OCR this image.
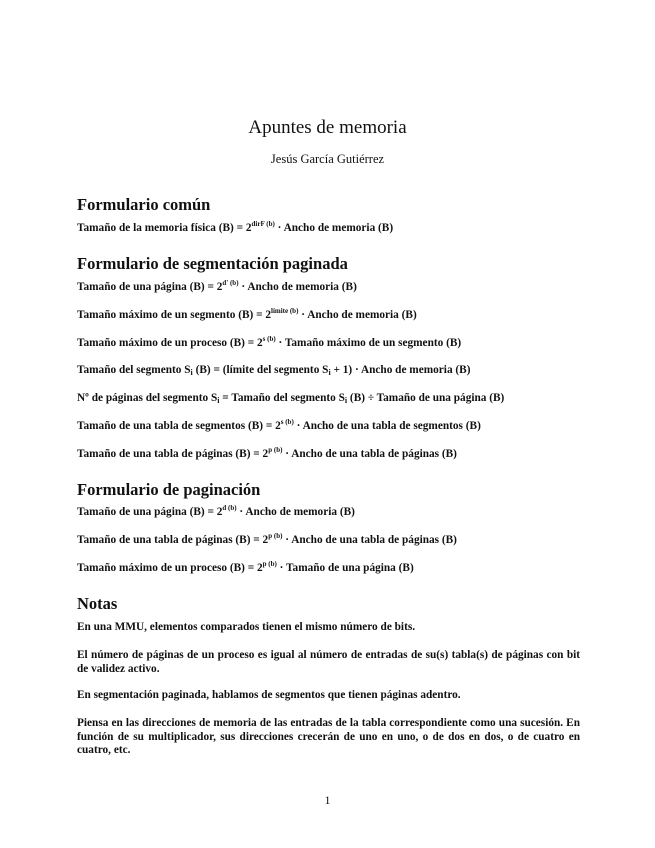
Apuntes de memoria
Jesús García Gutiérrez
Formulario común
Tamaño de la memoria física $(B) = 2^{dirF (b)}$ · Ancho de memoria (B)
Formulario de segmentación paginada
Tamaño de una página $(B) = 2^{d' (b)}$ · Ancho de memoria (B)
Tamaño máximo de un segmento $(B) = 2^{límite (b)}$ · Ancho de memoria (B)
Tamaño máximo de un proceso $(B) = 2^{s (b)}$ · Tamaño máximo de un segmento (B)
Tamaño del segmento $S_i$ (B) = (límite del segmento $S_i + 1$) · Ancho de memoria (B)
Nº de páginas del segmento $S_i$ = Tamaño del segmento $S_i$ (B) ÷ Tamaño de una página (B)
Tamaño de una tabla de segmentos $(B) = 2^{s (b)}$ · Ancho de una tabla de segmentos (B)
Tamaño de una tabla de páginas $(B) = 2^{p (b)}$ · Ancho de una tabla de páginas (B)
Formulario de paginación
Tamaño de una página $(B) = 2^{d (b)}$ · Ancho de memoria (B)
Tamaño de una tabla de páginas $(B) = 2^{p (b)}$ · Ancho de una tabla de páginas (B)
Tamaño máximo de un proceso $(B) = 2^{p (b)}$ · Tamaño de una página (B)
Notas

En una MMU, elementos comparados tienen el mismo número de bits.

El número de páginas de un proceso es igual al número de entradas de su(s) tabla(s) de páginas con bit de validez activo.

En segmentación paginada, hablamos de segmentos que tienen páginas adentro.

Piensa en las direcciones de memoria de las entradas de la tabla correspondiente como una sucesión. En función de su multiplicador, sus direcciones crecerán de uno en uno, o de dos en dos, o de cuatro en cuatro, etc.

1
